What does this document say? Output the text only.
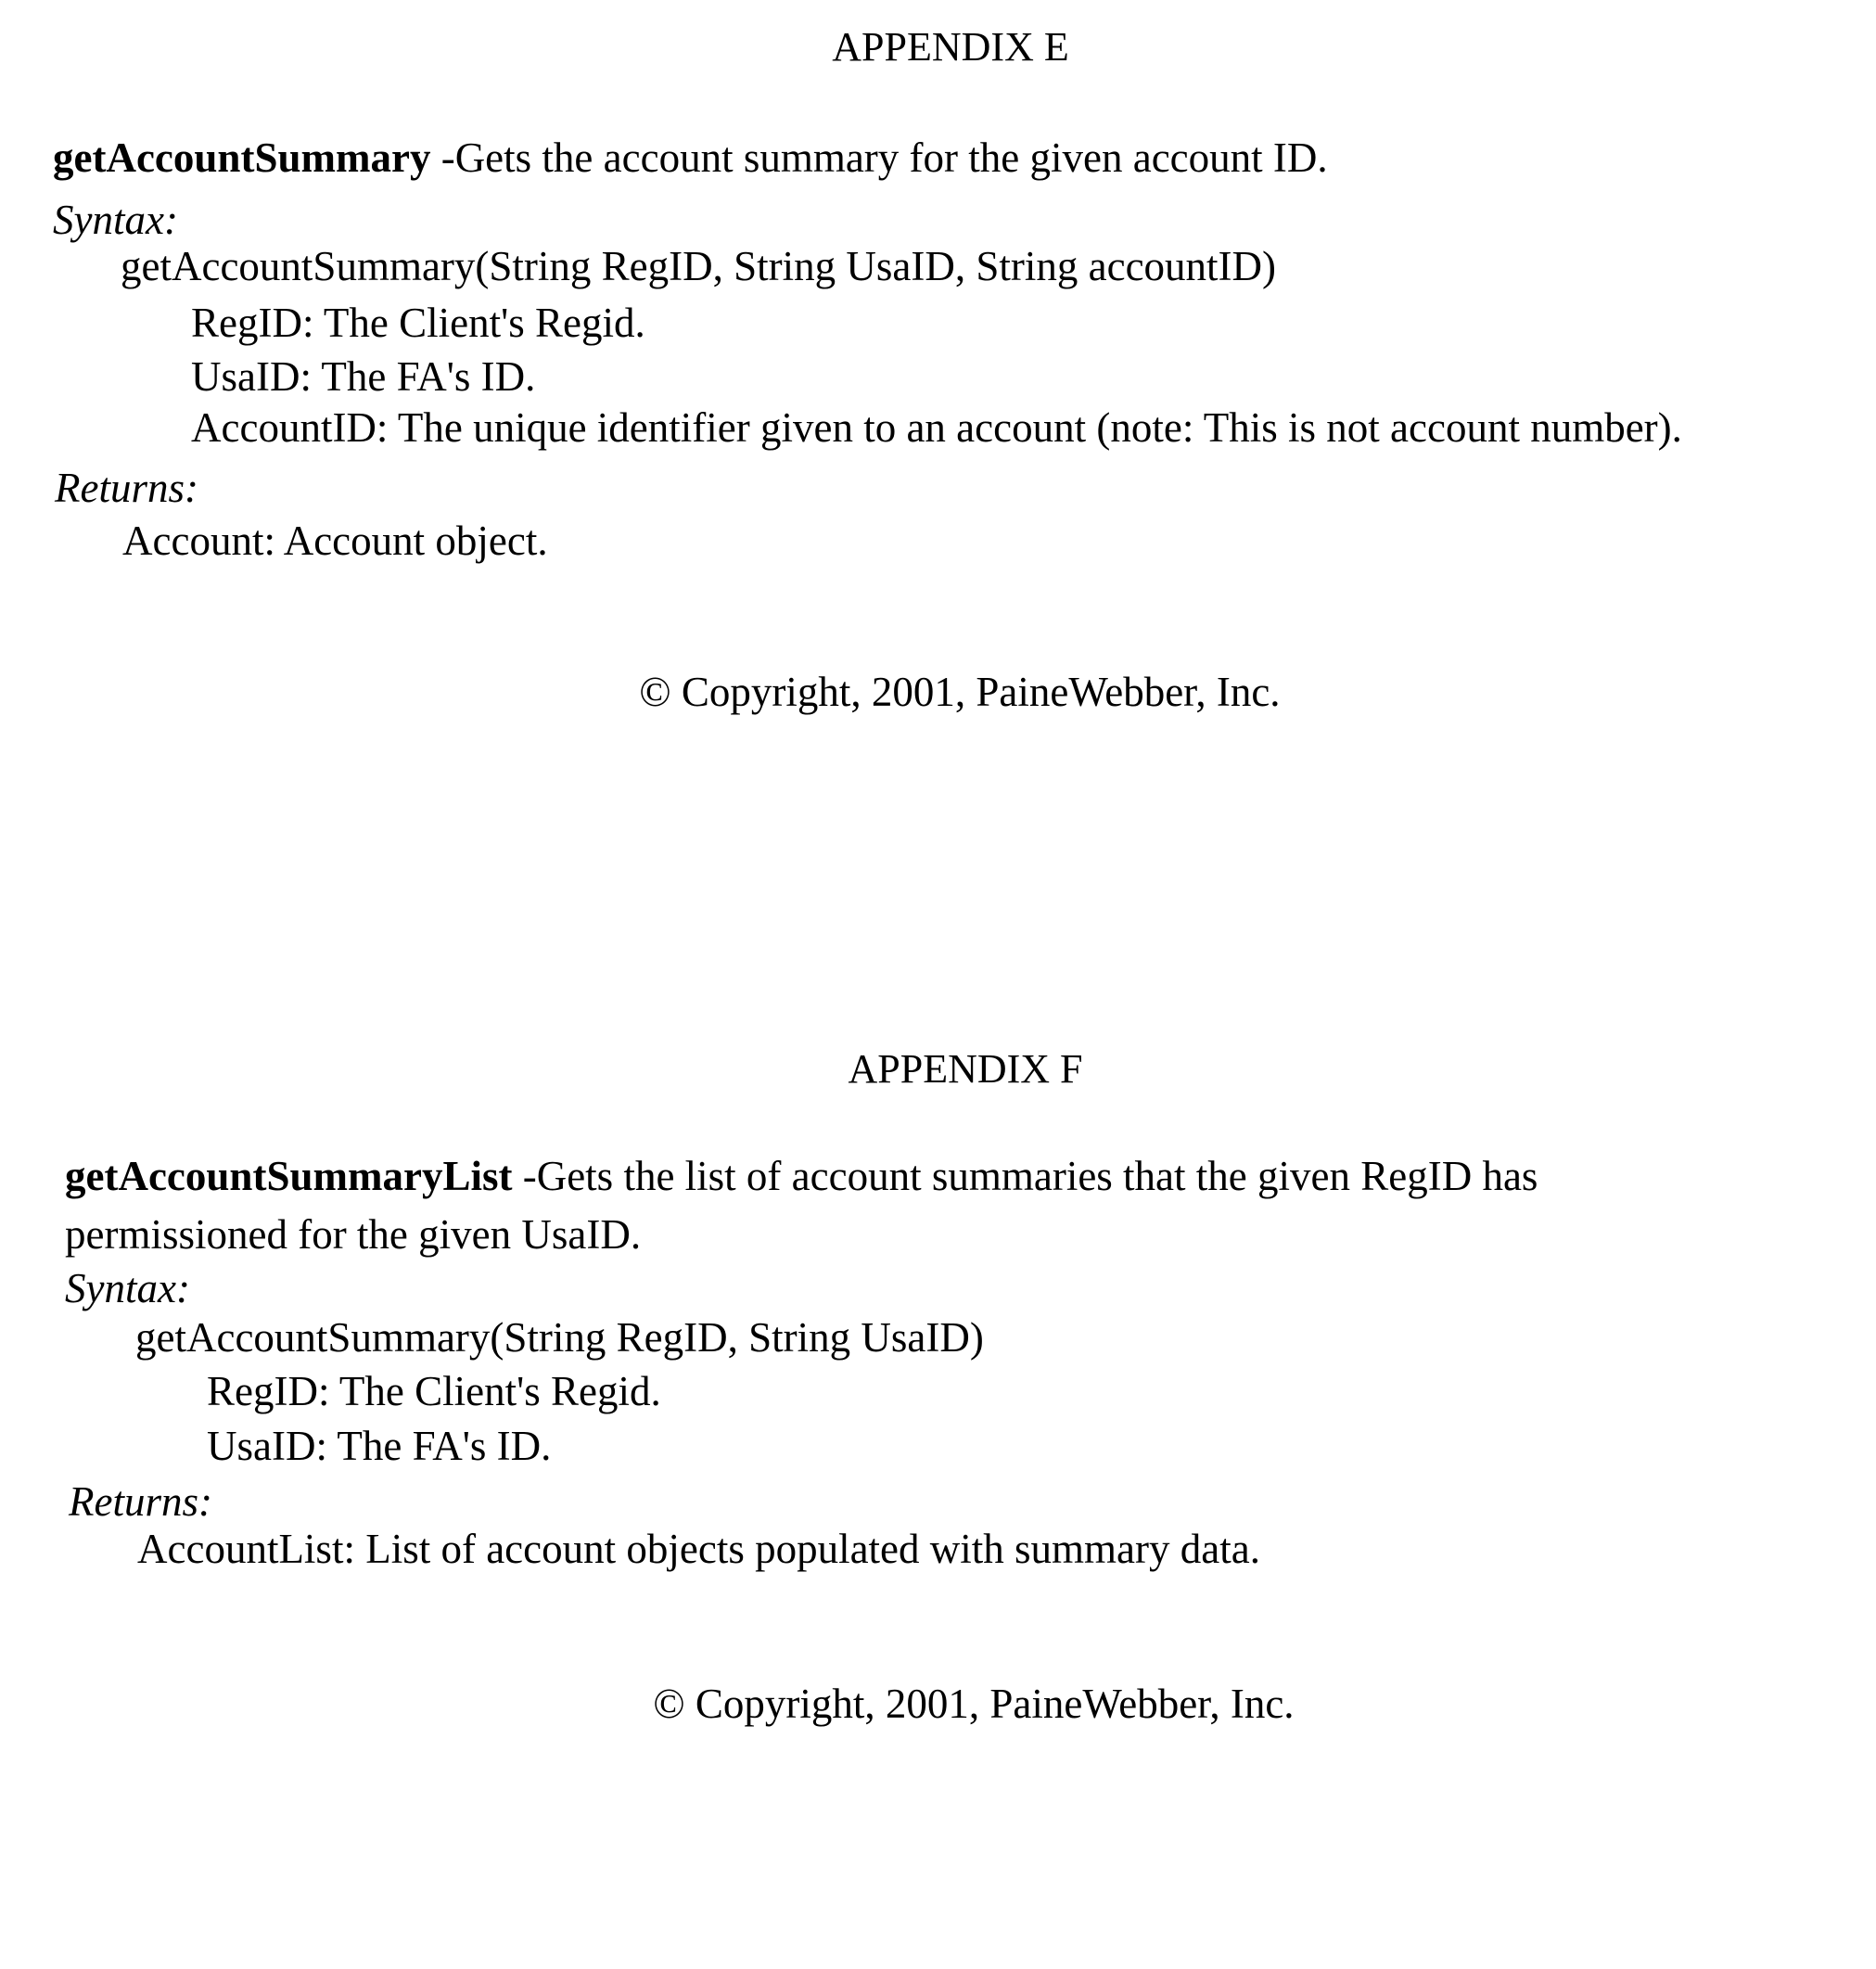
APPENDIX E
getAccountSummary -Gets the account summary for the given account ID.
Syntax:
getAccountSummary(String RegID, String UsaID, String accountID)
RegID: The Client's Regid.
UsaID: The FA's ID.
AccountID: The unique identifier given to an account (note: This is not account number).
Returns:
Account: Account object.
© Copyright, 2001, PaineWebber, Inc.
APPENDIX F
getAccountSummaryList -Gets the list of account summaries that the given RegID has
permissioned for the given UsaID.
Syntax:
getAccountSummary(String RegID, String UsaID)
RegID: The Client's Regid.
UsaID: The FA's ID.
Returns:
AccountList: List of account objects populated with summary data.
© Copyright, 2001, PaineWebber, Inc.
